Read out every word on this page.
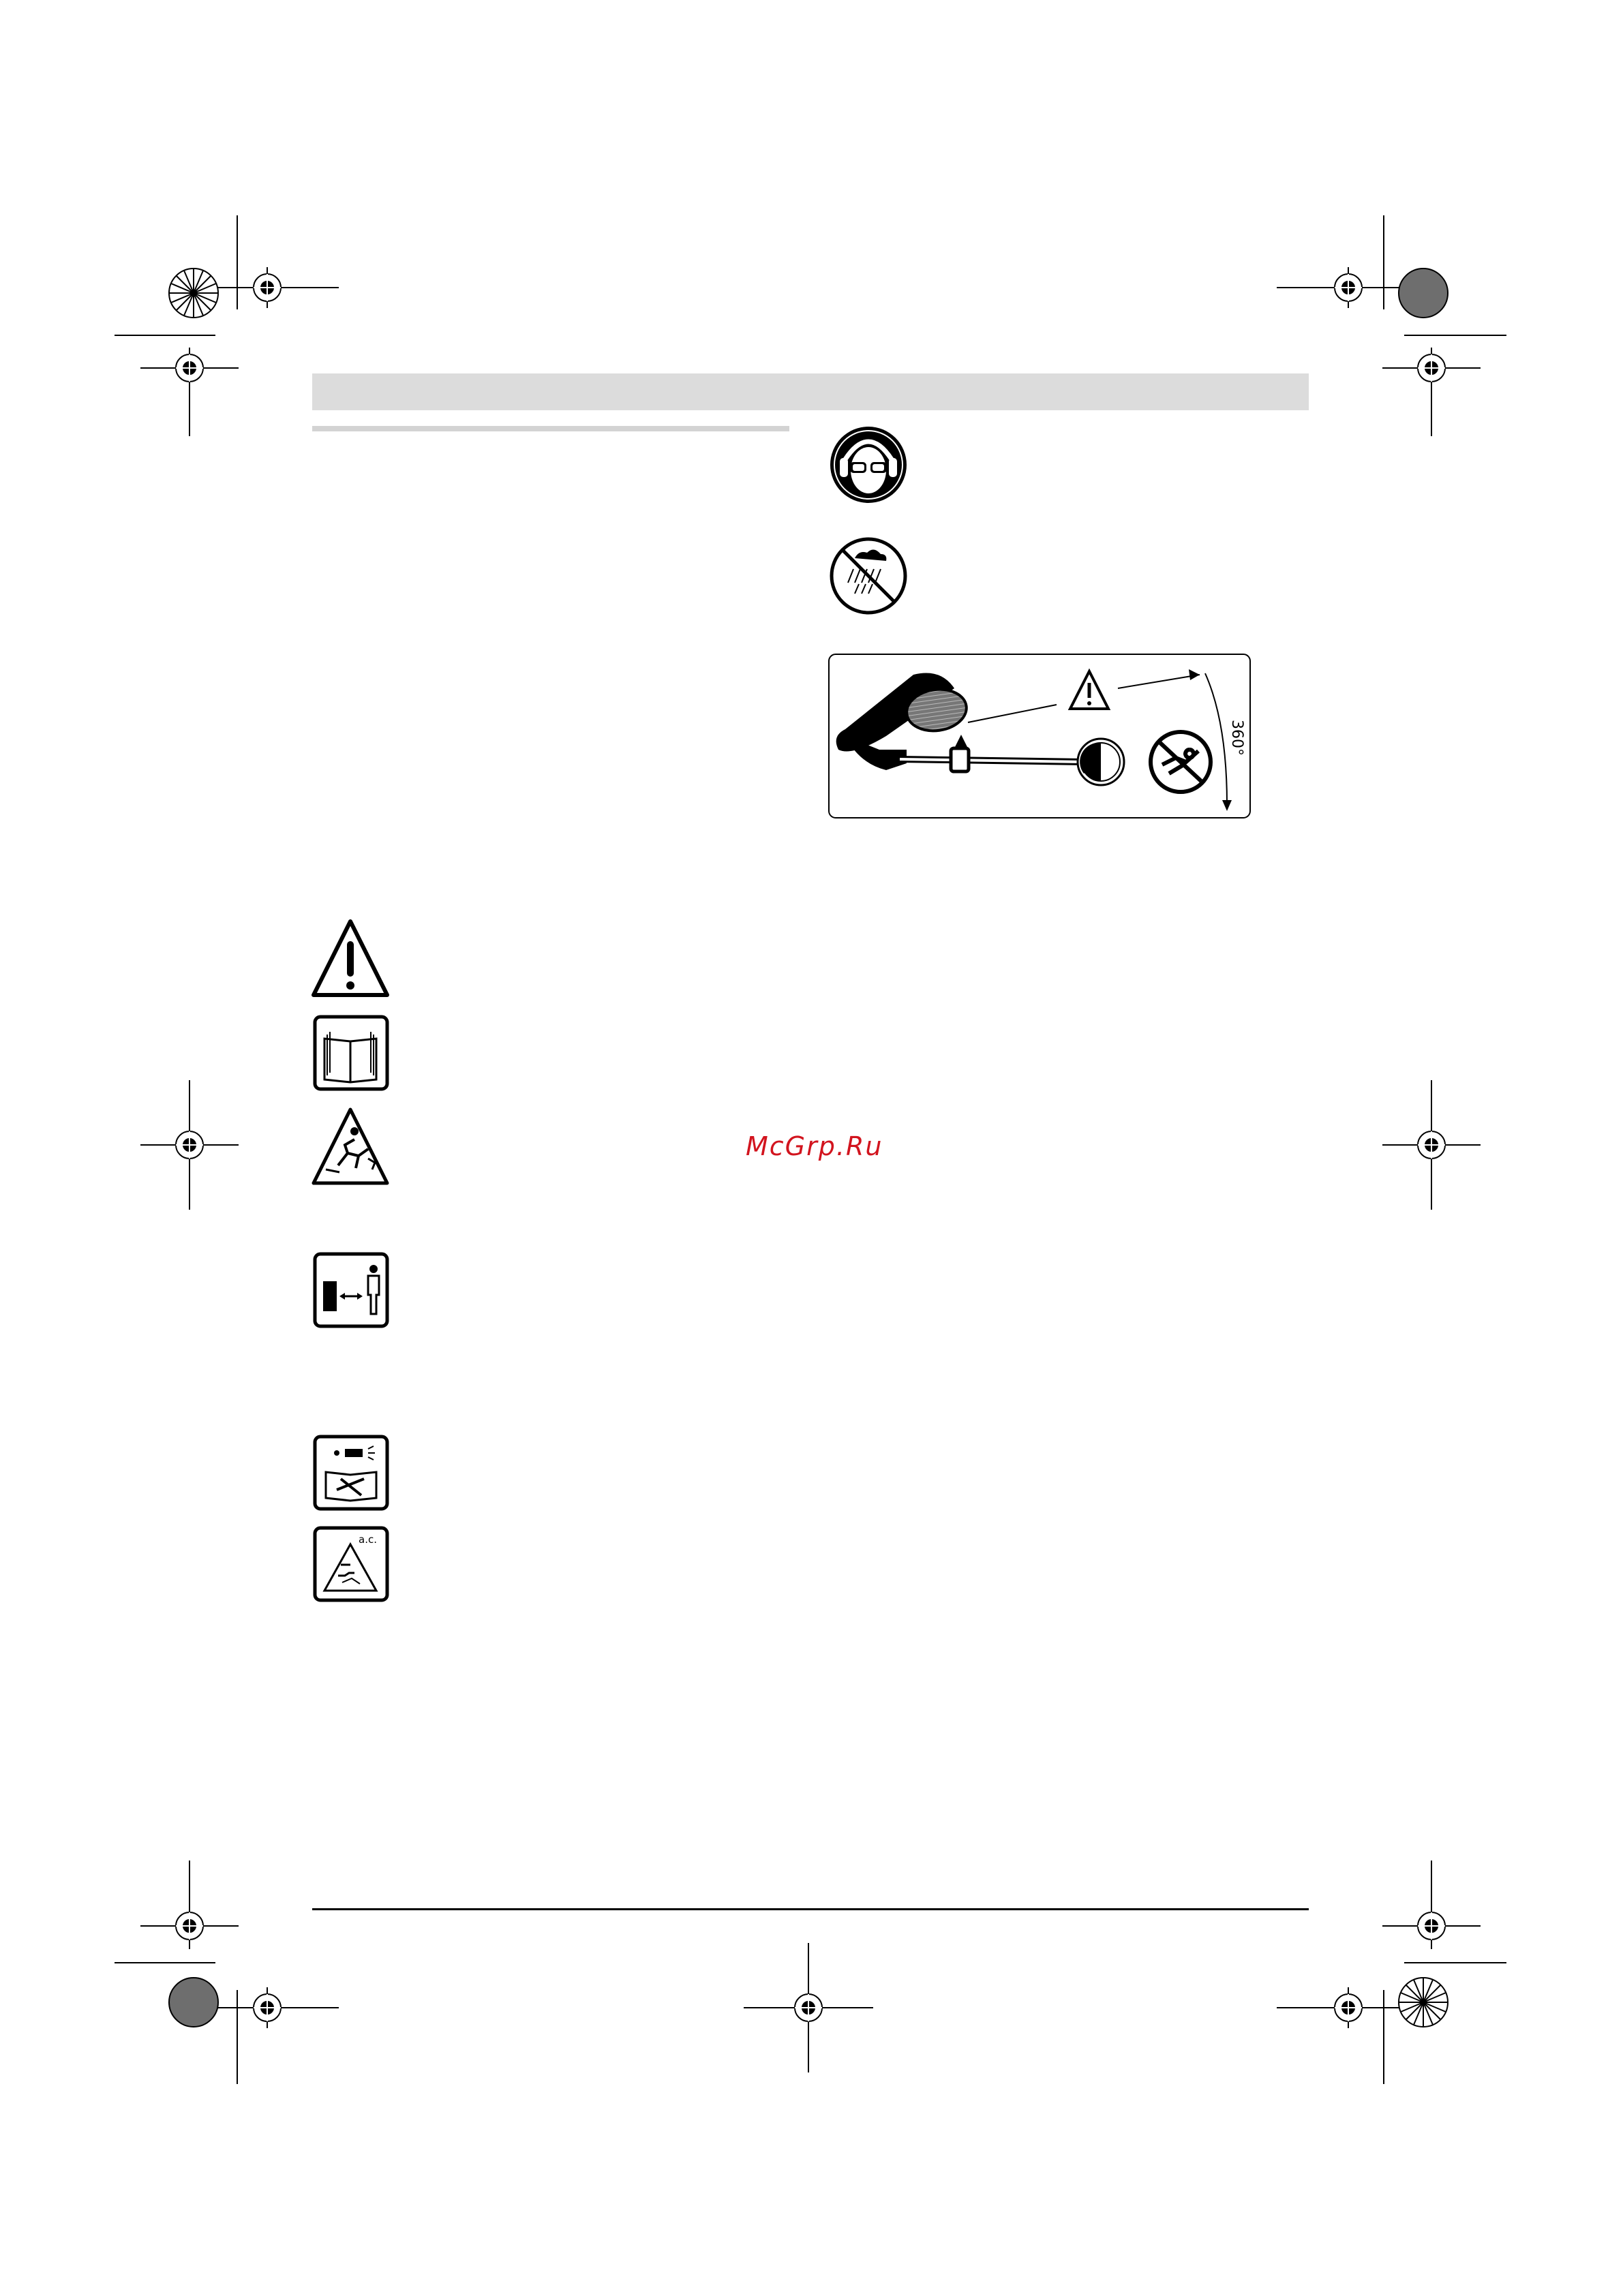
360°
a.c.
McGrp.Ru
